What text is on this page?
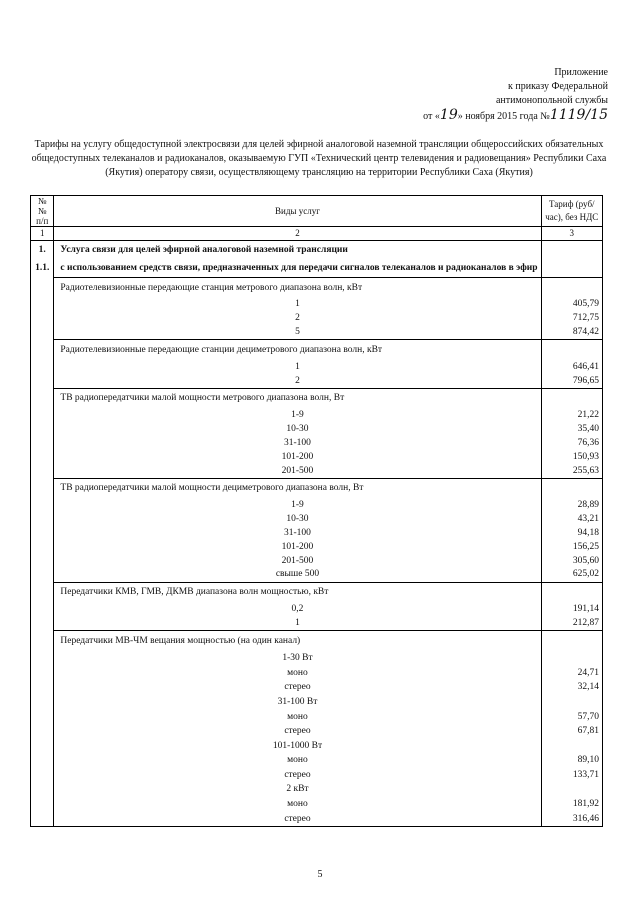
Приложение
к приказу Федеральной
антимонопольной службы
от «19» ноября 2015 года №1119/15
Тарифы на услугу общедоступной электросвязи для целей эфирной аналоговой наземной трансляции общероссийских обязательных общедоступных телеканалов и радиоканалов, оказываемую ГУП «Технический центр телевидения и радиовещания» Республики Саха (Якутия) оператору связи, осуществляющему трансляцию на территории Республики Саха (Якутия)
№№ п/п	Виды услуг	Тариф (руб/час), без НДС
1	2	3
1.	Услуга связи для целей эфирной аналоговой наземной трансляции	
1.1.	с использованием средств связи, предназначенных для передачи сигналов телеканалов и радиоканалов в эфир	
	Радиотелевизионные передающие станция метрового диапазона волн, кВт	
	1	405,79
	2	712,75
	5	874,42
	Радиотелевизионные передающие станции дециметрового диапазона волн, кВт	
	1	646,41
	2	796,65
	ТВ радиопередатчики малой мощности метрового диапазона волн, Вт	
	1-9	21,22
	10-30	35,40
	31-100	76,36
	101-200	150,93
	201-500	255,63
	ТВ радиопередатчики малой мощности дециметрового диапазона волн, Вт	
	1-9	28,89
	10-30	43,21
	31-100	94,18
	101-200	156,25
	201-500	305,60
	свыше 500	625,02
	Передатчики КМВ, ГМВ, ДКМВ диапазона волн мощностью, кВт	
	0,2	191,14
	1	212,87
	Передатчики МВ-ЧМ вещания мощностью (на один канал)	
	1-30 Вт	
	моно	24,71
	стерео	32,14
	31-100 Вт	
	моно	57,70
	стерео	67,81
	101-1000 Вт	
	моно	89,10
	стерео	133,71
	2 кВт	
	моно	181,92
	стерео	316,46
5
